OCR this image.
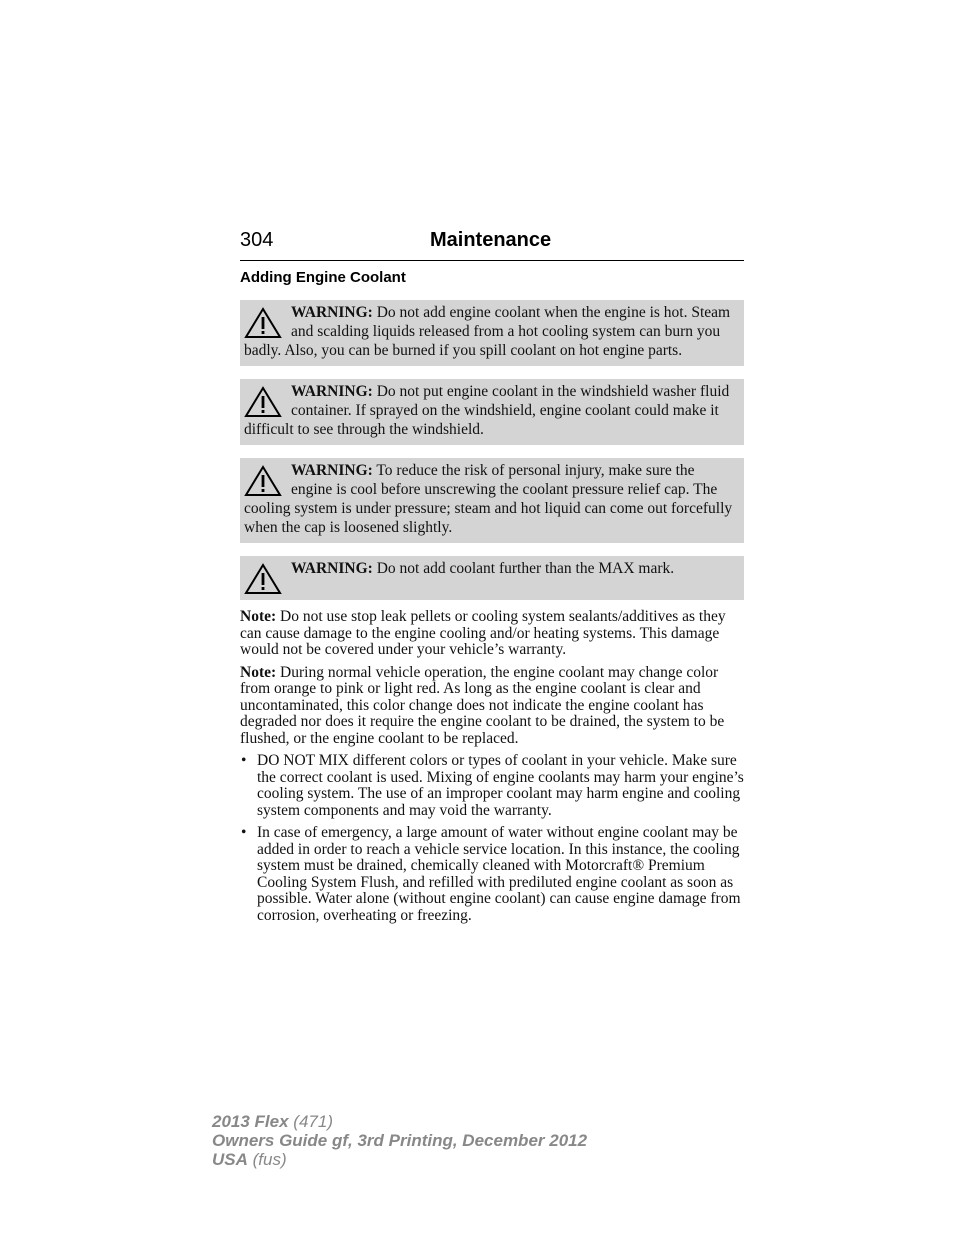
304	Maintenance
Adding Engine Coolant
WARNING: Do not add engine coolant when the engine is hot. Steam and scalding liquids released from a hot cooling system can burn you badly. Also, you can be burned if you spill coolant on hot engine parts.
WARNING: Do not put engine coolant in the windshield washer fluid container. If sprayed on the windshield, engine coolant could make it difficult to see through the windshield.
WARNING: To reduce the risk of personal injury, make sure the engine is cool before unscrewing the coolant pressure relief cap. The cooling system is under pressure; steam and hot liquid can come out forcefully when the cap is loosened slightly.
WARNING: Do not add coolant further than the MAX mark.
Note: Do not use stop leak pellets or cooling system sealants/additives as they can cause damage to the engine cooling and/or heating systems. This damage would not be covered under your vehicle’s warranty.
Note: During normal vehicle operation, the engine coolant may change color from orange to pink or light red. As long as the engine coolant is clear and uncontaminated, this color change does not indicate the engine coolant has degraded nor does it require the engine coolant to be drained, the system to be flushed, or the engine coolant to be replaced.
• DO NOT MIX different colors or types of coolant in your vehicle. Make sure the correct coolant is used. Mixing of engine coolants may harm your engine’s cooling system. The use of an improper coolant may harm engine and cooling system components and may void the warranty.
• In case of emergency, a large amount of water without engine coolant may be added in order to reach a vehicle service location. In this instance, the cooling system must be drained, chemically cleaned with Motorcraft® Premium Cooling System Flush, and refilled with prediluted engine coolant as soon as possible. Water alone (without engine coolant) can cause engine damage from corrosion, overheating or freezing.
2013 Flex (471)
Owners Guide gf, 3rd Printing, December 2012
USA (fus)
